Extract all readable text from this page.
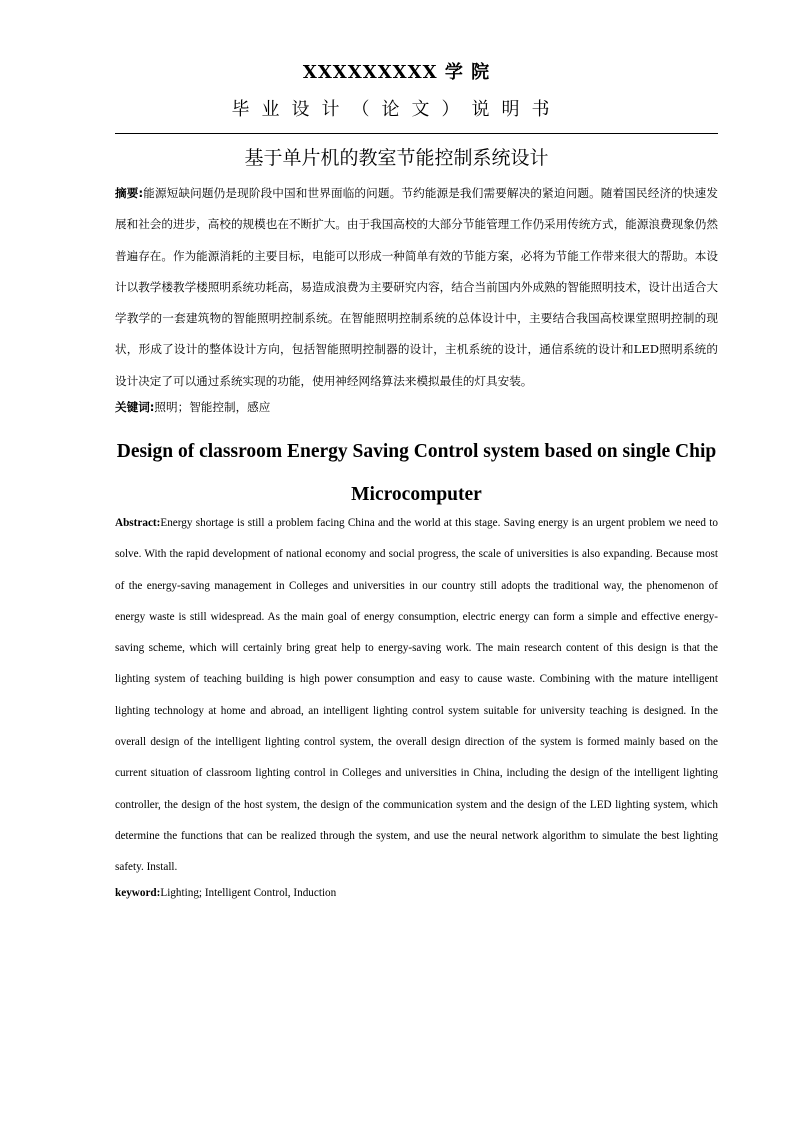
XXXXXXXXX 学 院
毕业设计（论文）说明书
基于单片机的教室节能控制系统设计
摘要:能源短缺问题仍是现阶段中国和世界面临的问题。节约能源是我们需要解决的紧迫问题。随着国民经济的快速发展和社会的进步，高校的规模也在不断扩大。由于我国高校的大部分节能管理工作仍采用传统方式，能源浪费现象仍然普遍存在。作为能源消耗的主要目标，电能可以形成一种简单有效的节能方案，必将为节能工作带来很大的帮助。本设计以教学楼教学楼照明系统功耗高，易造成浪费为主要研究内容，结合当前国内外成熟的智能照明技术，设计出适合大学教学的一套建筑物的智能照明控制系统。在智能照明控制系统的总体设计中，主要结合我国高校课堂照明控制的现状，形成了设计的整体设计方向，包括智能照明控制器的设计，主机系统的设计，通信系统的设计和LED照明系统的设计决定了可以通过系统实现的功能，使用神经网络算法来模拟最佳的灯具安装。
关键词:照明；智能控制，感应
Design of classroom Energy Saving Control system based on single Chip Microcomputer
Abstract:Energy shortage is still a problem facing China and the world at this stage. Saving energy is an urgent problem we need to solve. With the rapid development of national economy and social progress, the scale of universities is also expanding. Because most of the energy-saving management in Colleges and universities in our country still adopts the traditional way, the phenomenon of energy waste is still widespread. As the main goal of energy consumption, electric energy can form a simple and effective energy-saving scheme, which will certainly bring great help to energy-saving work. The main research content of this design is that the lighting system of teaching building is high power consumption and easy to cause waste. Combining with the mature intelligent lighting technology at home and abroad, an intelligent lighting control system suitable for university teaching is designed. In the overall design of the intelligent lighting control system, the overall design direction of the system is formed mainly based on the current situation of classroom lighting control in Colleges and universities in China, including the design of the intelligent lighting controller, the design of the host system, the design of the communication system and the design of the LED lighting system, which determine the functions that can be realized through the system, and use the neural network algorithm to simulate the best lighting safety. Install.
keyword:Lighting; Intelligent Control, Induction
